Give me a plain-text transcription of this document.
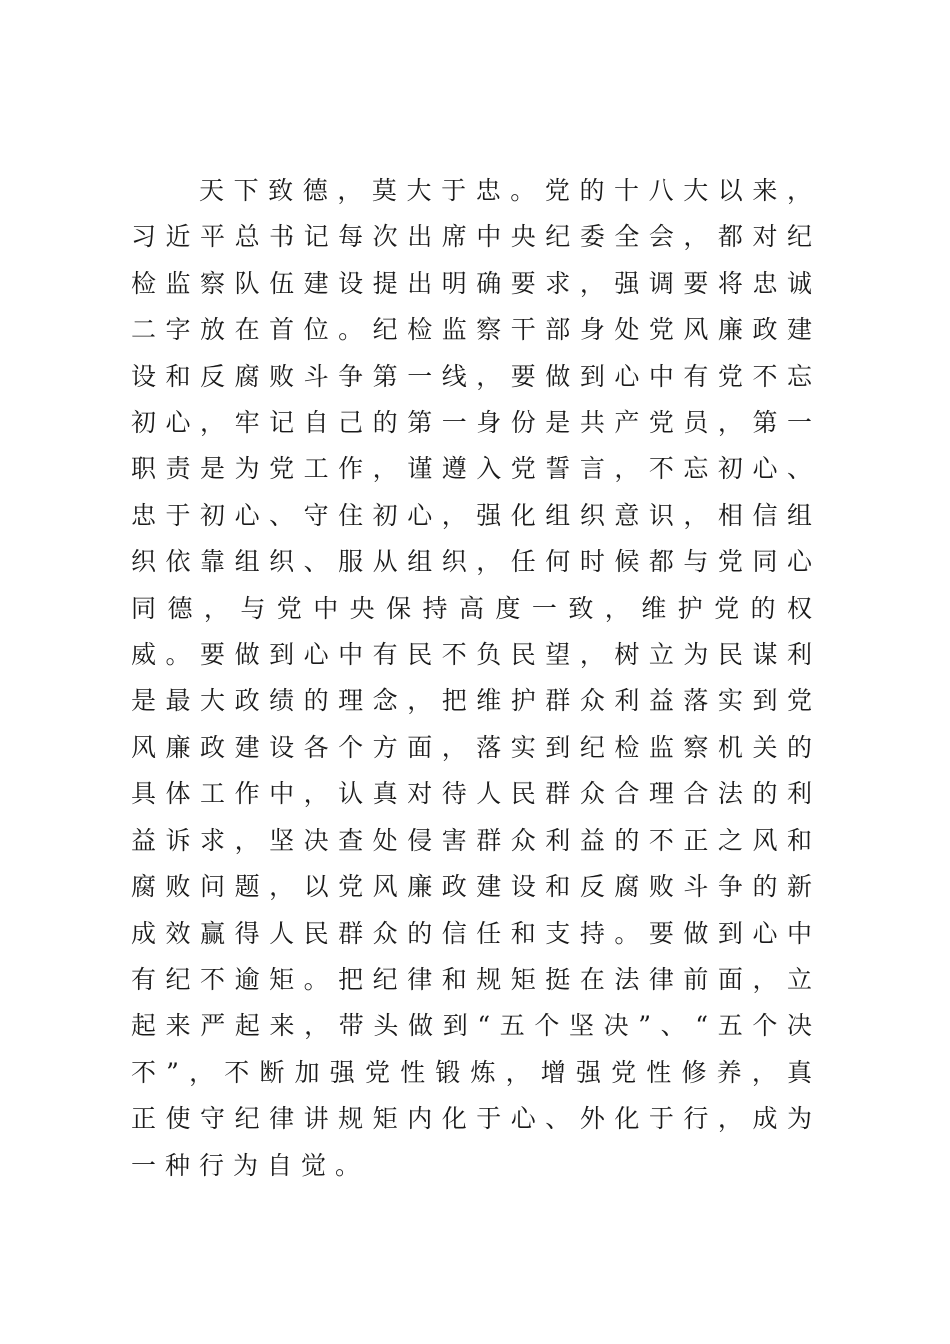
天下致德，莫大于忠。党的十八大以来，习近平总书记每次出席中央纪委全会，都对纪检监察队伍建设提出明确要求，强调要将忠诚二字放在首位。纪检监察干部身处党风廉政建设和反腐败斗争第一线，要做到心中有党不忘初心，牢记自己的第一身份是共产党员，第一职责是为党工作，谨遵入党誓言，不忘初心、忠于初心、守住初心，强化组织意识，相信组织依靠组织、服从组织，任何时候都与党同心同德，与党中央保持高度一致，维护党的权威。要做到心中有民不负民望，树立为民谋利是最大政绩的理念，把维护群众利益落实到党风廉政建设各个方面，落实到纪检监察机关的具体工作中，认真对待人民群众合理合法的利益诉求，坚决查处侵害群众利益的不正之风和腐败问题，以党风廉政建设和反腐败斗争的新成效赢得人民群众的信任和支持。要做到心中有纪不逾矩。把纪律和规矩挺在法律前面，立起来严起来，带头做到“五个坚决”、“五个决不”，不断加强党性锻炼，增强党性修养，真正使守纪律讲规矩内化于心、外化于行，成为一种行为自觉。
